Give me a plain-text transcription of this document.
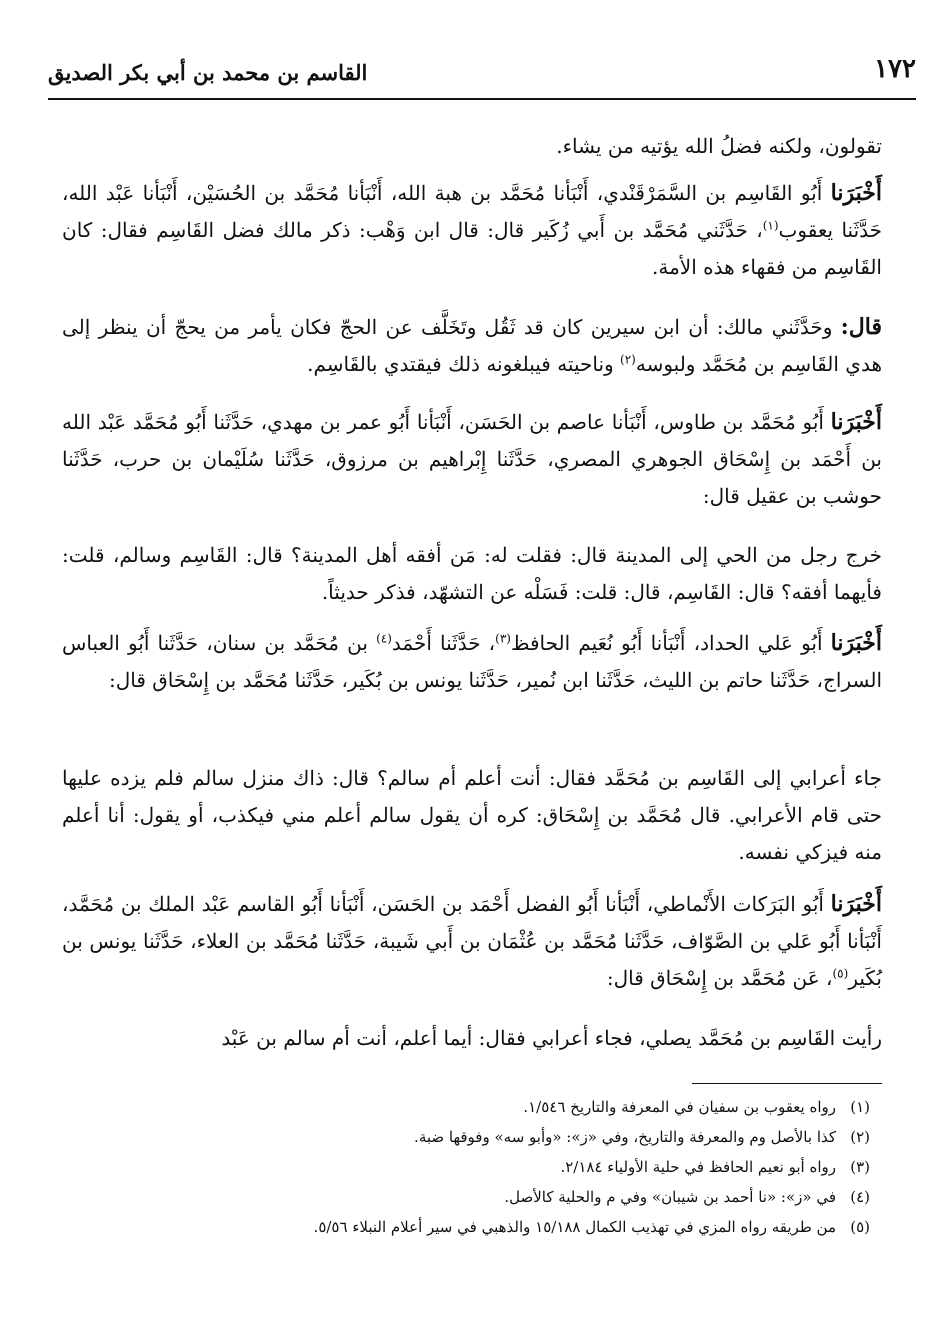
١٧٢
القاسم بن محمد بن أبي بكر الصديق

تقولون، ولكنه فضلُ الله يؤتيه من يشاء.

أَخْبَرَنا أَبُو القَاسِم بن السَّمَرْقَنْدي، أَنْبَأنا مُحَمَّد بن هبة الله، أَنْبَأنا مُحَمَّد بن الحُسَيْن، أَنْبَأنا عَبْد الله، حَدَّثَنا يعقوب$^{(١)}$، حَدَّثَني مُحَمَّد بن أَبي زُكَير قال: قال ابن وَهْب: ذكر مالك فضل القَاسِم فقال: كان القَاسِم من فقهاء هذه الأمة.

قال: وحَدَّثَني مالك: أن ابن سيرين كان قد ثَقُل وتَخَلَّف عن الحجّ فكان يأمر من يحجّ أن ينظر إلى هدي القَاسِم بن مُحَمَّد ولبوسه$^{(٢)}$ وناحيته فيبلغونه ذلك فيقتدي بالقَاسِم.

أَخْبَرَنا أَبُو مُحَمَّد بن طاوس، أَنْبَأنا عاصم بن الحَسَن، أَنْبَأنا أَبُو عمر بن مهدي، حَدَّثَنا أَبُو مُحَمَّد عَبْد الله بن أَحْمَد بن إِسْحَاق الجوهري المصري، حَدَّثَنا إِبْراهيم بن مرزوق، حَدَّثَنا سُلَيْمان بن حرب، حَدَّثَنا حوشب بن عقيل قال:

خرج رجل من الحي إلى المدينة قال: فقلت له: مَن أفقه أهل المدينة؟ قال: القَاسِم وسالم، قلت: فأيهما أفقه؟ قال: القَاسِم، قال: قلت: فَسَلْه عن التشهّد، فذكر حديثاً.

أَخْبَرَنا أَبُو عَلي الحداد، أَنْبَأنا أَبُو نُعَيم الحافظ$^{(٣)}$، حَدَّثَنا أَحْمَد$^{(٤)}$ بن مُحَمَّد بن سنان، حَدَّثَنا أَبُو العباس السراج، حَدَّثَنا حاتم بن الليث، حَدَّثَنا ابن نُمير، حَدَّثَنا يونس بن بُكَير، حَدَّثَنا مُحَمَّد بن إِسْحَاق قال:

جاء أعرابي إلى القَاسِم بن مُحَمَّد فقال: أنت أعلم أم سالم؟ قال: ذاك منزل سالم فلم يزده عليها حتى قام الأعرابي. قال مُحَمَّد بن إِسْحَاق: كره أن يقول سالم أعلم مني فيكذب، أو يقول: أنا أعلم منه فيزكي نفسه.

أَخْبَرَنا أَبُو البَرَكات الأَنْماطي، أَنْبَأنا أَبُو الفضل أَحْمَد بن الحَسَن، أَنْبَأنا أَبُو القاسم عَبْد الملك بن مُحَمَّد، أَنْبَأنا أَبُو عَلي بن الصَّوّاف، حَدَّثَنا مُحَمَّد بن عُثْمَان بن أَبي شَيبة، حَدَّثَنا مُحَمَّد بن العلاء، حَدَّثَنا يونس بن بُكَير$^{(٥)}$، عَن مُحَمَّد بن إِسْحَاق قال:

رأيت القَاسِم بن مُحَمَّد يصلي، فجاء أعرابي فقال: أيما أعلم، أنت أم سالم بن عَبْد

(١)رواه يعقوب بن سفيان في المعرفة والتاريخ ١/٥٤٦.
(٢)كذا بالأصل وم والمعرفة والتاريخ، وفي «ز»: «وأبو سه» وفوقها ضبة.
(٣)رواه أبو نعيم الحافظ في حلية الأولياء ٢/١٨٤.
(٤)في «ز»: «نا أحمد بن شيبان» وفي م والحلية كالأصل.
(٥)من طريقه رواه المزي في تهذيب الكمال ١٥/١٨٨ والذهبي في سير أعلام النبلاء ٥/٥٦.
